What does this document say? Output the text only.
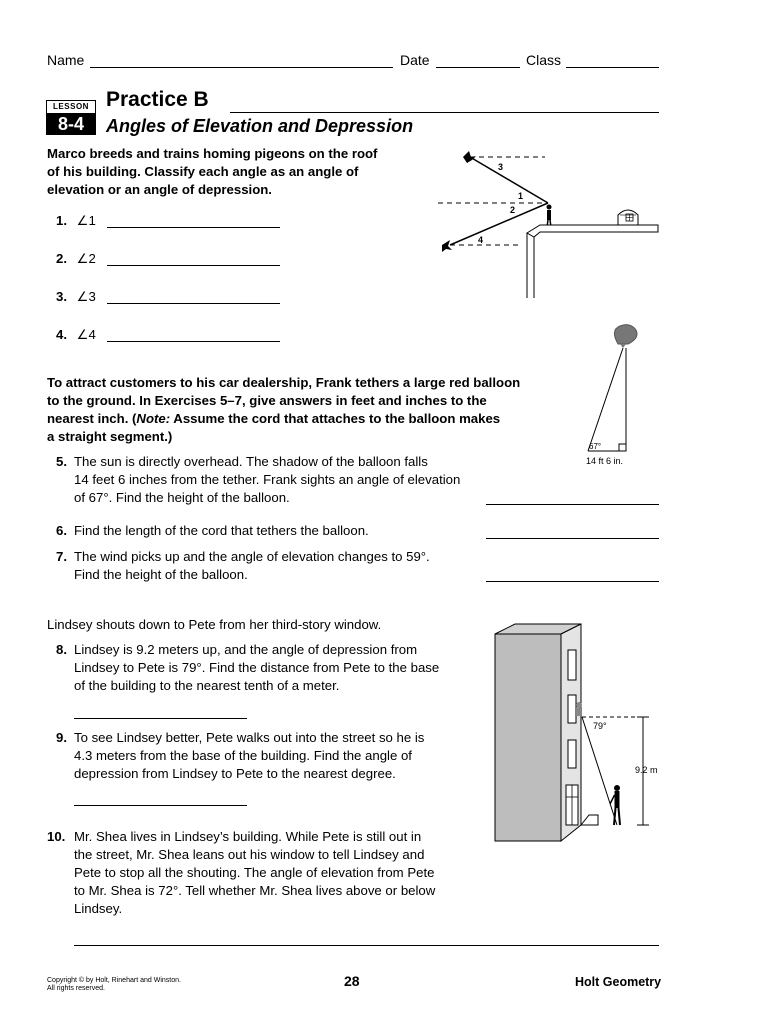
Name	Date	Class
LESSON
8-4
Practice B
Angles of Elevation and Depression
Marco breeds and trains homing pigeons on the roof
of his building. Classify each angle as an angle of
elevation or an angle of depression.
1. ∠1
2. ∠2
3. ∠3
4. ∠4
3
1
2
4
67°
14 ft 6 in.
To attract customers to his car dealership, Frank tethers a large red balloon
to the ground. In Exercises 5–7, give answers in feet and inches to the
nearest inch. (Note: Assume the cord that attaches to the balloon makes
a straight segment.)
5. The sun is directly overhead. The shadow of the balloon falls
14 feet 6 inches from the tether. Frank sights an angle of elevation
of 67°. Find the height of the balloon.
6. Find the length of the cord that tethers the balloon.
7. The wind picks up and the angle of elevation changes to 59°.
Find the height of the balloon.
Lindsey shouts down to Pete from her third-story window.
8. Lindsey is 9.2 meters up, and the angle of depression from
Lindsey to Pete is 79°. Find the distance from Pete to the base
of the building to the nearest tenth of a meter.
9. To see Lindsey better, Pete walks out into the street so he is
4.3 meters from the base of the building. Find the angle of
depression from Lindsey to Pete to the nearest degree.
10. Mr. Shea lives in Lindsey’s building. While Pete is still out in
the street, Mr. Shea leans out his window to tell Lindsey and
Pete to stop all the shouting. The angle of elevation from Pete
to Mr. Shea is 72°. Tell whether Mr. Shea lives above or below
Lindsey.
79°
9.2 m
Copyright © by Holt, Rinehart and Winston.
All rights reserved.	28	Holt Geometry
